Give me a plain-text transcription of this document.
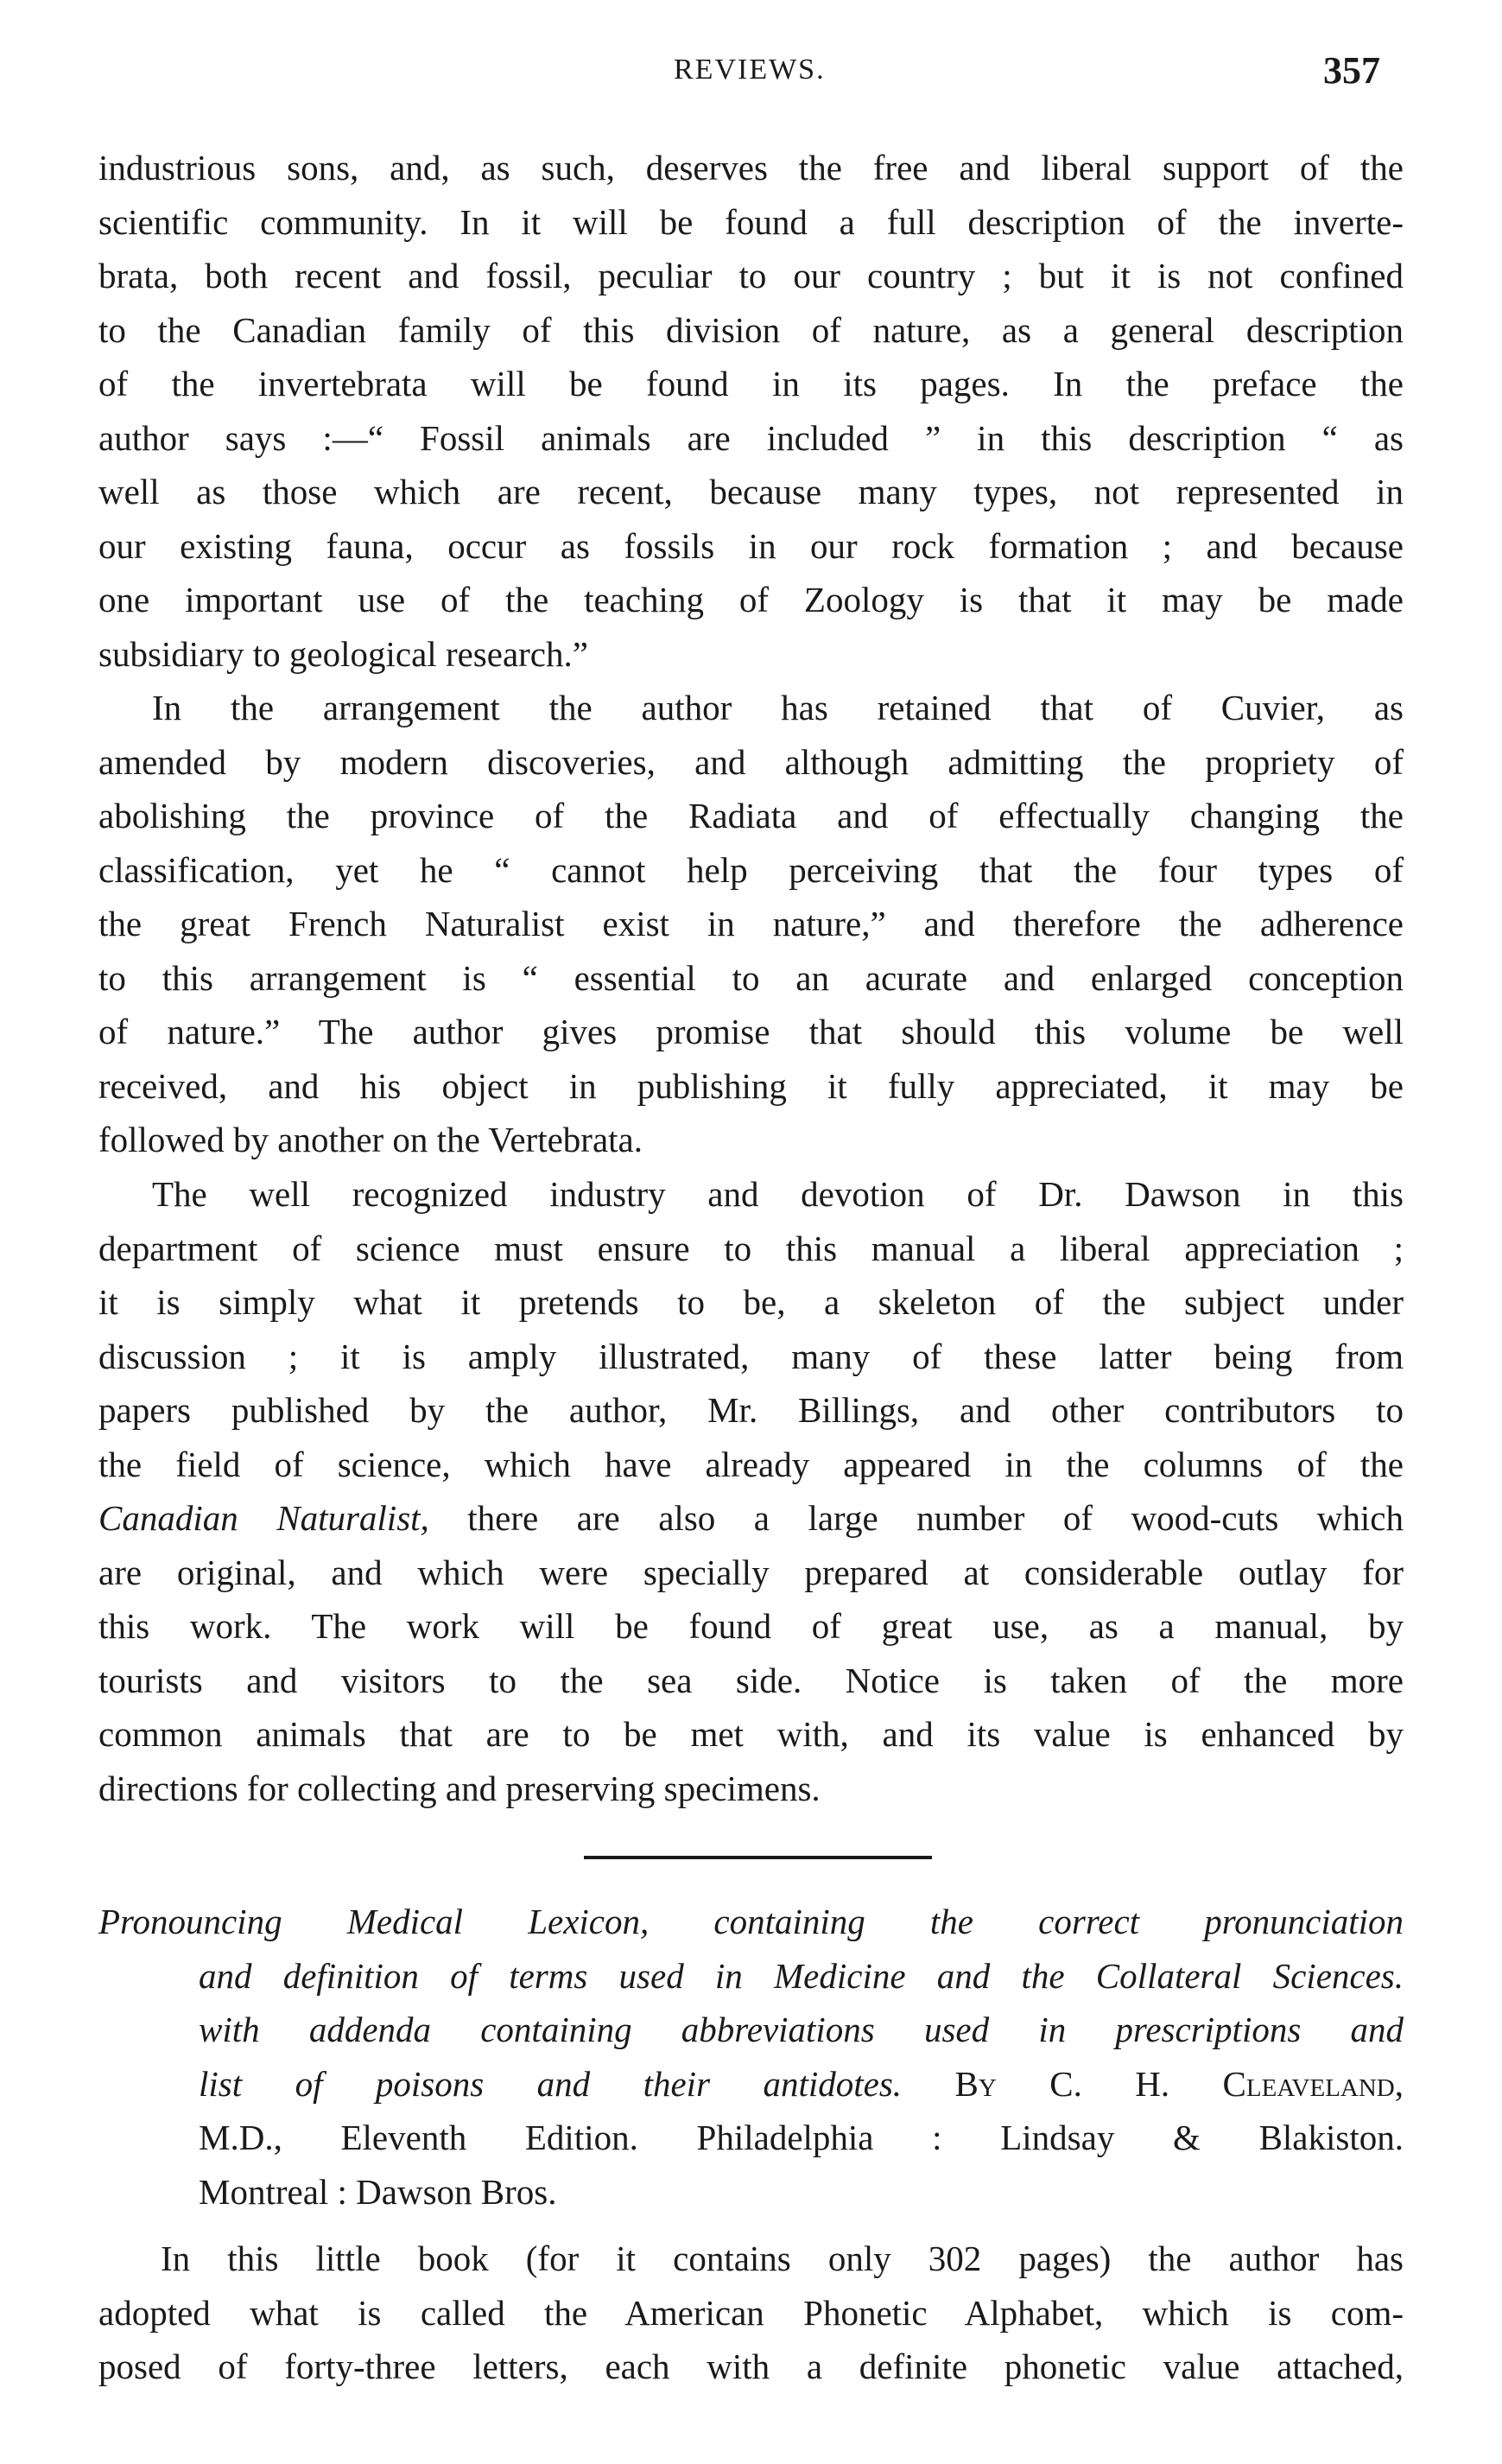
REVIEWS.	357
industrious sons, and, as such, deserves the free and liberal support of the
scientific community. In it will be found a full description of the inverte-
brata, both recent and fossil, peculiar to our country ; but it is not confined
to the Canadian family of this division of nature, as a general description
of the invertebrata will be found in its pages. In the preface the
author says :—“ Fossil animals are included ” in this description “ as
well as those which are recent, because many types, not represented in
our existing fauna, occur as fossils in our rock formation ; and because
one important use of the teaching of Zoology is that it may be made
subsidiary to geological research.”
In the arrangement the author has retained that of Cuvier, as
amended by modern discoveries, and although admitting the propriety of
abolishing the province of the Radiata and of effectually changing the
classification, yet he “ cannot help perceiving that the four types of
the great French Naturalist exist in nature,” and therefore the adherence
to this arrangement is “ essential to an acurate and enlarged conception
of nature.” The author gives promise that should this volume be well
received, and his object in publishing it fully appreciated, it may be
followed by another on the Vertebrata.
The well recognized industry and devotion of Dr. Dawson in this
department of science must ensure to this manual a liberal appreciation ;
it is simply what it pretends to be, a skeleton of the subject under
discussion ; it is amply illustrated, many of these latter being from
papers published by the author, Mr. Billings, and other contributors to
the field of science, which have already appeared in the columns of the
Canadian Naturalist, there are also a large number of wood-cuts which
are original, and which were specially prepared at considerable outlay for
this work. The work will be found of great use, as a manual, by
tourists and visitors to the sea side. Notice is taken of the more
common animals that are to be met with, and its value is enhanced by
directions for collecting and preserving specimens.
Pronouncing Medical Lexicon, containing the correct pronunciation
and definition of terms used in Medicine and the Collateral Sciences.
with addenda containing abbreviations used in prescriptions and
list of poisons and their antidotes. By C. H. Cleaveland,
M.D., Eleventh Edition. Philadelphia : Lindsay & Blakiston.
Montreal : Dawson Bros.
In this little book (for it contains only 302 pages) the author has
adopted what is called the American Phonetic Alphabet, which is com-
posed of forty-three letters, each with a definite phonetic value attached,
